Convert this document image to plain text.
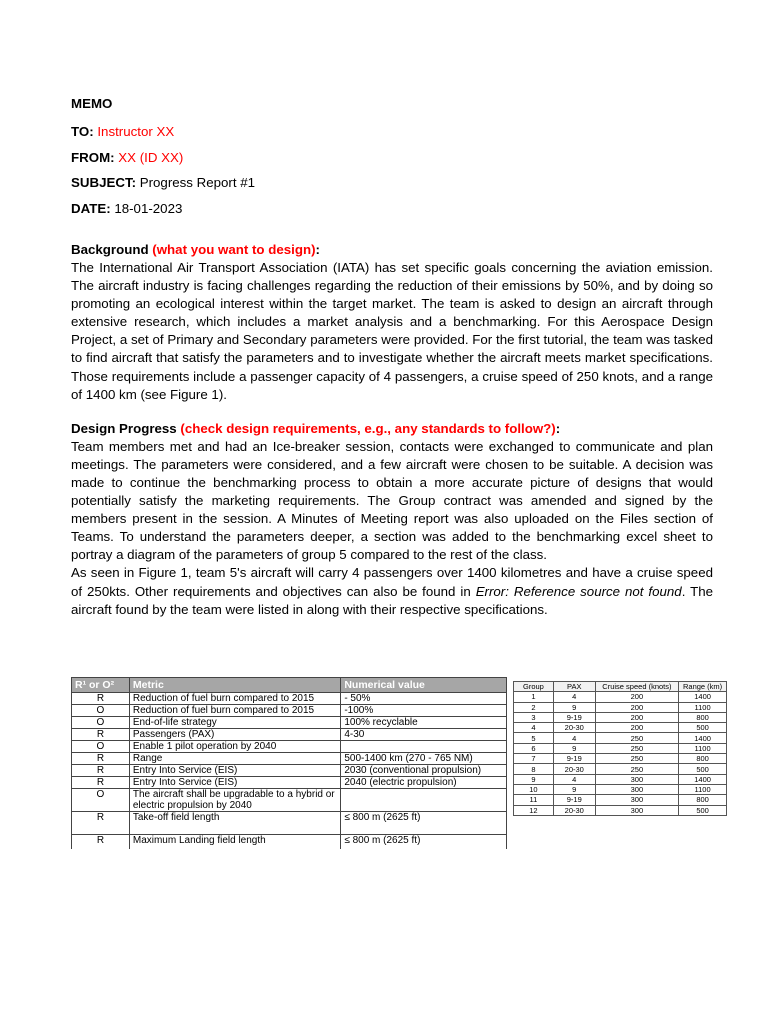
MEMO
TO: Instructor XX
FROM: XX (ID XX)
SUBJECT: Progress Report #1
DATE: 18-01-2023
Background (what you want to design):

The International Air Transport Association (IATA) has set specific goals concerning the aviation emission. The aircraft industry is facing challenges regarding the reduction of their emissions by 50%, and by doing so promoting an ecological interest within the target market. The team is asked to design an aircraft through extensive research, which includes a market analysis and a benchmarking. For this Aerospace Design Project, a set of Primary and Secondary parameters were provided. For the first tutorial, the team was tasked to find aircraft that satisfy the parameters and to investigate whether the aircraft meets market specifications. Those requirements include a passenger capacity of 4 passengers, a cruise speed of 250 knots, and a range of 1400 km (see Figure 1).

Design Progress (check design requirements, e.g., any standards to follow?):

Team members met and had an Ice-breaker session, contacts were exchanged to communicate and plan meetings. The parameters were considered, and a few aircraft were chosen to be suitable. A decision was made to continue the benchmarking process to obtain a more accurate picture of designs that would potentially satisfy the marketing requirements. The Group contract was amended and signed by the members present in the session. A Minutes of Meeting report was also uploaded on the Files section of Teams. To understand the parameters deeper, a section was added to the benchmarking excel sheet to portray a diagram of the parameters of group 5 compared to the rest of the class.

As seen in Figure 1, team 5's aircraft will carry 4 passengers over 1400 kilometres and have a cruise speed of 250kts. Other requirements and objectives can also be found in Error: Reference source not found. The aircraft found by the team were listed in along with their respective specifications.

R¹ or O²	Metric	Numerical value
R	Reduction of fuel burn compared to 2015	- 50%
O	Reduction of fuel burn compared to 2015	-100%
O	End-of-life strategy	100% recyclable
R	Passengers (PAX)	4-30
O	Enable 1 pilot operation by 2040	
R	Range	500-1400 km (270 - 765 NM)
R	Entry Into Service (EIS)	2030 (conventional propulsion)
R	Entry Into Service (EIS)	2040 (electric propulsion)
O	The aircraft shall be upgradable to a hybrid or electric propulsion by 2040	
R	Take-off field length	≤ 800 m (2625 ft)
R	Maximum Landing field length	≤ 800 m (2625 ft)
Group	PAX	Cruise speed (knots)	Range (km)
1	4	200	1400
2	9	200	1100
3	9-19	200	800
4	20-30	200	500
5	4	250	1400
6	9	250	1100
7	9-19	250	800
8	20-30	250	500
9	4	300	1400
10	9	300	1100
11	9-19	300	800
12	20-30	300	500
